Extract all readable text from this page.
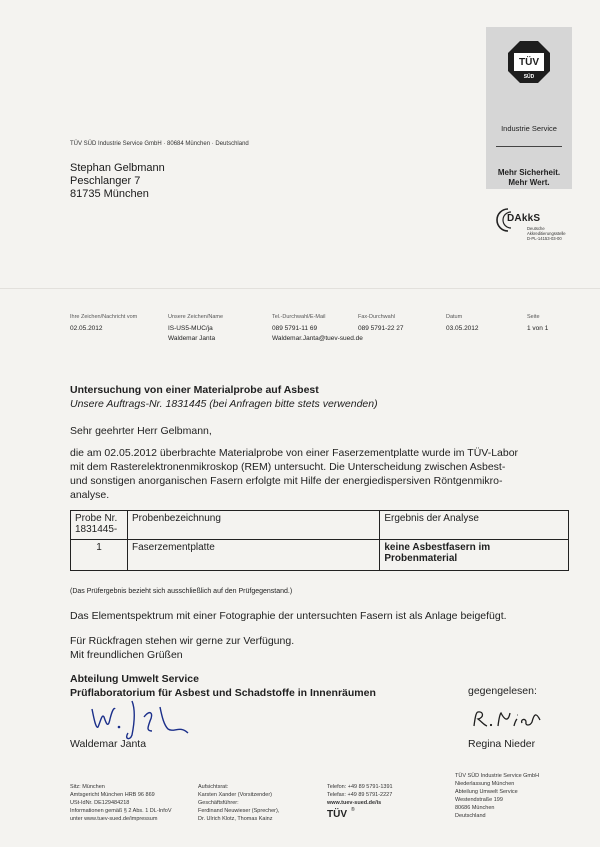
TÜV
SÜD
Industrie Service
Mehr Sicherheit.
Mehr Wert.
DAkkS
Deutsche
Akkreditierungsstelle
D-PL-14153-03-00
TÜV SÜD Industrie Service GmbH · 80684 München · Deutschland
Stephan Gelbmann
Peschlanger 7
81735 München
Ihre Zeichen/Nachricht vom
02.05.2012
Unsere Zeichen/Name
IS-US5-MUC/ja
Waldemar Janta
Tel.-Durchwahl/E-Mail
089 5791-11 69
Waldemar.Janta@tuev-sued.de
Fax-Durchwahl
089 5791-22 27
Datum
03.05.2012
Seite
1 von 1
Untersuchung von einer Materialprobe auf Asbest
Unsere Auftrags-Nr. 1831445 (bei Anfragen bitte stets verwenden)
Sehr geehrter Herr Gelbmann,
die am 02.05.2012 überbrachte Materialprobe von einer Faserzementplatte wurde im TÜV-Labor
mit dem Rasterelektronenmikroskop (REM) untersucht. Die Unterscheidung zwischen Asbest-
und sonstigen anorganischen Fasern erfolgte mit Hilfe der energiedispersiven Röntgenmikro-
analyse.
Probe Nr. 1831445-	Probenbezeichnung	Ergebnis der Analyse
1	Faserzementplatte	keine Asbestfasern im Probenmaterial
(Das Prüfergebnis bezieht sich ausschließlich auf den Prüfgegenstand.)
Das Elementspektrum mit einer Fotographie der untersuchten Fasern ist als Anlage beigefügt.
Für Rückfragen stehen wir gerne zur Verfügung.
Mit freundlichen Grüßen
Abteilung Umwelt Service
Prüflaboratorium für Asbest und Schadstoffe in Innenräumen	gegengelesen:
Waldemar Janta	Regina Nieder
Sitz: München
Amtsgericht München HRB 96 869
USt-IdNr. DE129484218
Informationen gemäß § 2 Abs. 1 DL-InfoV
unter www.tuev-sued.de/impressum
Aufsichtsrat:
Karsten Xander (Vorsitzender)
Geschäftsführer:
Ferdinand Neuwieser (Sprecher),
Dr. Ulrich Klotz, Thomas Kainz
Telefon: +49 89 5791-1391
Telefax: +49 89 5791-2227
www.tuev-sued.de/is
TÜV ®
TÜV SÜD Industrie Service GmbH
Niederlassung München
Abteilung Umwelt Service
Westendstraße 199
80686 München
Deutschland
